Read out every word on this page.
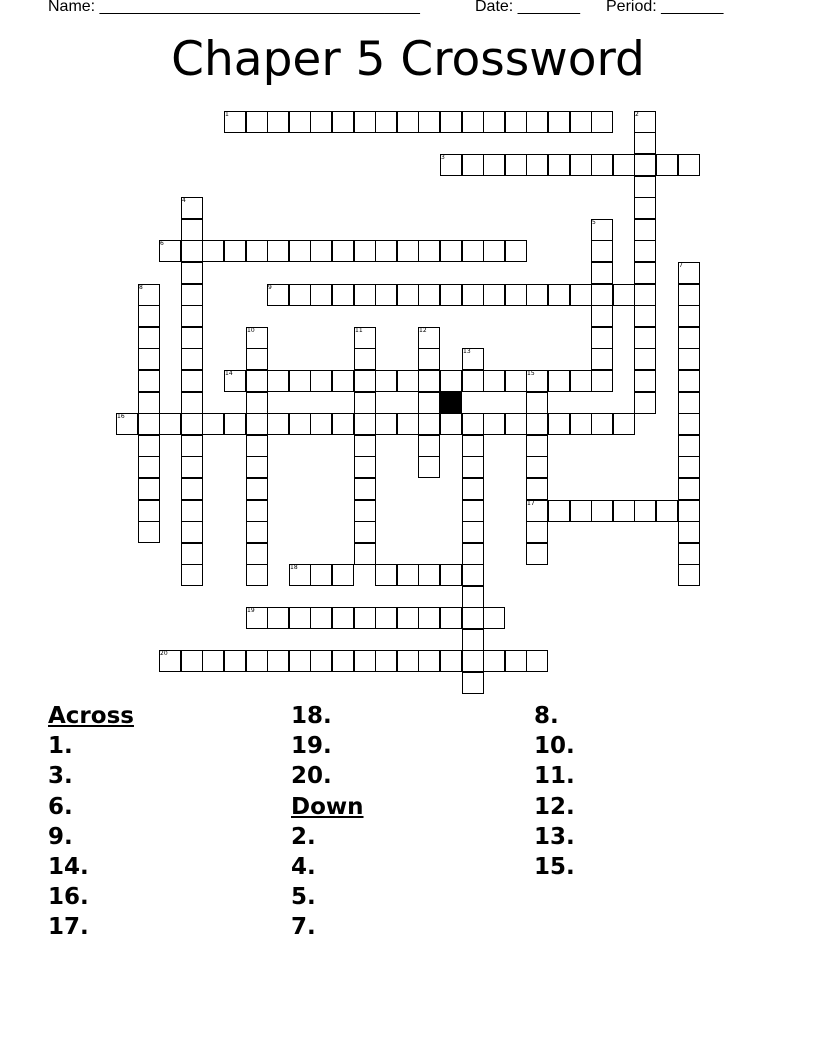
Name: ____________________________________	Date: _______ Period: _______
Chaper 5 Crossword
1	2
3
4
5
6
7
8	9
10	11	12
13
14	15
16
17
18
19
20
Across
1.
3.
6.
9.
14.
16.
17.
18.
19.
20.
Down
2.
4.
5.
7.
8.
10.
11.
12.
13.
15.
